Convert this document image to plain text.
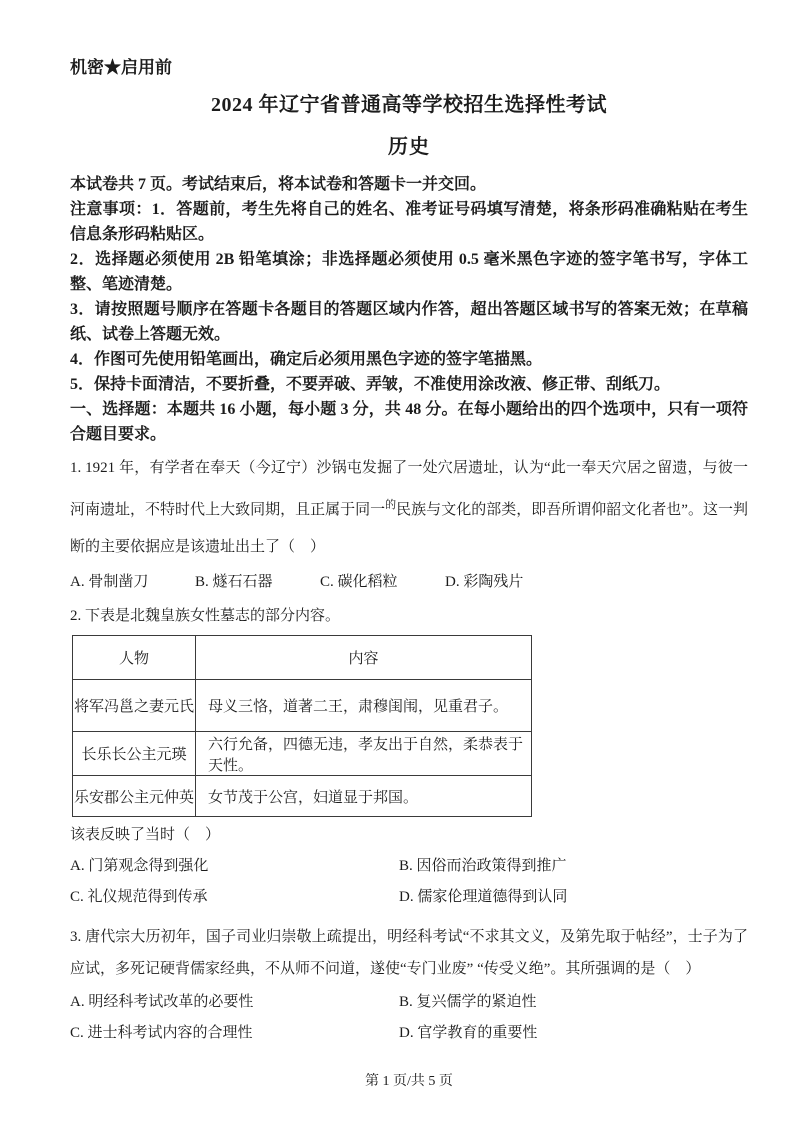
机密★启用前
2024 年辽宁省普通高等学校招生选择性考试
历史

本试卷共 7 页。考试结束后，将本试卷和答题卡一并交回。

注意事项：1．答题前，考生先将自己的姓名、准考证号码填写清楚，将条形码准确粘贴在考生信息条形码粘贴区。

2．选择题必须使用 2B 铅笔填涂；非选择题必须使用 0.5 毫米黑色字迹的签字笔书写，字体工整、笔迹清楚。

3．请按照题号顺序在答题卡各题目的答题区域内作答，超出答题区域书写的答案无效；在草稿纸、试卷上答题无效。

4．作图可先使用铅笔画出，确定后必须用黑色字迹的签字笔描黑。

5．保持卡面清洁，不要折叠，不要弄破、弄皱，不准使用涂改液、修正带、刮纸刀。

一、选择题：本题共 16 小题，每小题 3 分，共 48 分。在每小题给出的四个选项中，只有一项符合题目要求。

1. 1921 年，有学者在奉天（今辽宁）沙锅屯发掘了一处穴居遗址，认为“此一奉天穴居之留遗，与彼一河南遗址，不特时代上大致同期，且正属于同一$^的$民族与文化的部类，即吾所谓仰韶文化者也”。这一判断的主要依据应是该遗址出土了（　）

A. 骨制凿刀	B. 燧石石器	C. 碳化稻粒	D. 彩陶残片

2. 下表是北魏皇族女性墓志的部分内容。

人物	内容
将军冯邕之妻元氏	母义三恪，道著二王，肃穆闺闱，见重君子。
长乐长公主元瑛	六行允备，四德无违，孝友出于自然，柔恭表于天性。
乐安郡公主元仲英	女节茂于公宫，妇道显于邦国。

该表反映了当时（　）

A. 门第观念得到强化	B. 因俗而治政策得到推广
C. 礼仪规范得到传承	D. 儒家伦理道德得到认同

3. 唐代宗大历初年，国子司业归崇敬上疏提出，明经科考试“不求其文义，及第先取于帖经”，士子为了应试，多死记硬背儒家经典，不从师不问道，遂使“专门业废” “传受义绝”。其所强调的是（　）

A. 明经科考试改革的必要性	B. 复兴儒学的紧迫性
C. 进士科考试内容的合理性	D. 官学教育的重要性
第 1 页/共 5 页
